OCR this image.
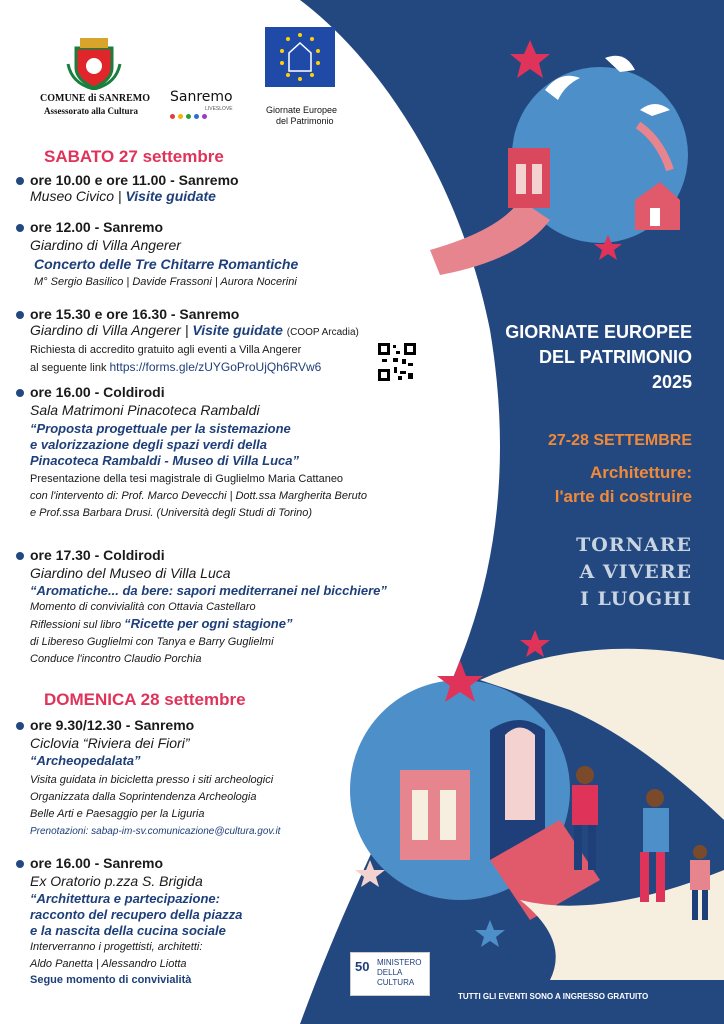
COMUNE di SANREMO
Assessorato alla Cultura
Sanremo
LIVESLOVE	Giornate Europee
del Patrimonio
SABATO 27 settembre
ore 10.00 e ore 11.00 - Sanremo
Museo Civico | Visite guidate
ore 12.00 - Sanremo
Giardino di Villa Angerer
Concerto delle Tre Chitarre Romantiche
M° Sergio Basilico | Davide Frassoni | Aurora Nocerini
ore 15.30 e ore 16.30 - Sanremo
Giardino di Villa Angerer | Visite guidate (COOP Arcadia)
Richiesta di accredito gratuito agli eventi a Villa Angerer
al seguente link https://forms.gle/zUYGoProUjQh6RVw6
ore 16.00 - Coldirodi
Sala Matrimoni Pinacoteca Rambaldi
“Proposta progettuale per la sistemazione
e valorizzazione degli spazi verdi della
Pinacoteca Rambaldi - Museo di Villa Luca”
Presentazione della tesi magistrale di Guglielmo Maria Cattaneo
con l'intervento di: Prof. Marco Devecchi | Dott.ssa Margherita Beruto
e Prof.ssa Barbara Drusi. (Università degli Studi di Torino)
ore 17.30 - Coldirodi
Giardino del Museo di Villa Luca
“Aromatiche... da bere: sapori mediterranei nel bicchiere”
Momento di convivialità con Ottavia Castellaro
Riflessioni sul libro “Ricette per ogni stagione”
di Libereso Guglielmi con Tanya e Barry Guglielmi
Conduce l'incontro Claudio Porchia
DOMENICA 28 settembre
ore 9.30/12.30 - Sanremo
Ciclovia “Riviera dei Fiori”
“Archeopedalata”
Visita guidata in bicicletta presso i siti archeologici
Organizzata dalla Soprintendenza Archeologia
Belle Arti e Paesaggio per la Liguria
Prenotazioni: sabap-im-sv.comunicazione@cultura.gov.it
ore 16.00 - Sanremo
Ex Oratorio p.zza S. Brigida
“Architettura e partecipazione:
racconto del recupero della piazza
e la nascita della cucina sociale
Interverranno i progettisti, architetti:
Aldo Panetta | Alessandro Liotta
Segue momento di convivialità
GIORNATE EUROPEE
DEL PATRIMONIO
2025
27-28 SETTEMBRE
Architetture:
l'arte di costruire
TORNARE
A VIVERE
I LUOGHI
50 MINISTERO
DELLA
CULTURA
TUTTI GLI EVENTI SONO A INGRESSO GRATUITO
